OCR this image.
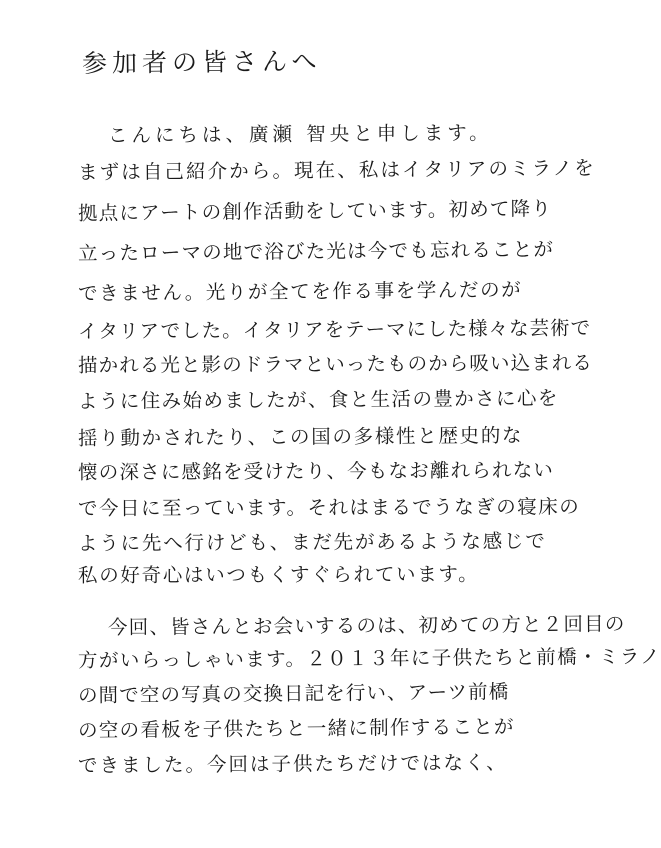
参加者の皆さんへ
こんにちは、廣瀬 智央と申します。
まずは自己紹介から。現在、私はイタリアのミラノを
拠点にアートの創作活動をしています。初めて降り
立ったローマの地で浴びた光は今でも忘れることが
できません。光りが全てを作る事を学んだのが
イタリアでした。イタリアをテーマにした様々な芸術で
描かれる光と影のドラマといったものから吸い込まれる
ように住み始めましたが、食と生活の豊かさに心を
揺り動かされたり、この国の多様性と歴史的な
懐の深さに感銘を受けたり、今もなお離れられない
で今日に至っています。それはまるでうなぎの寝床の
ように先へ行けども、まだ先があるような感じで
私の好奇心はいつもくすぐられています。
今回、皆さんとお会いするのは、初めての方と２回目の
方がいらっしゃいます。２０１３年に子供たちと前橋・ミラノ
の間で空の写真の交換日記を行い、アーツ前橋
の空の看板を子供たちと一緒に制作することが
できました。今回は子供たちだけではなく、
